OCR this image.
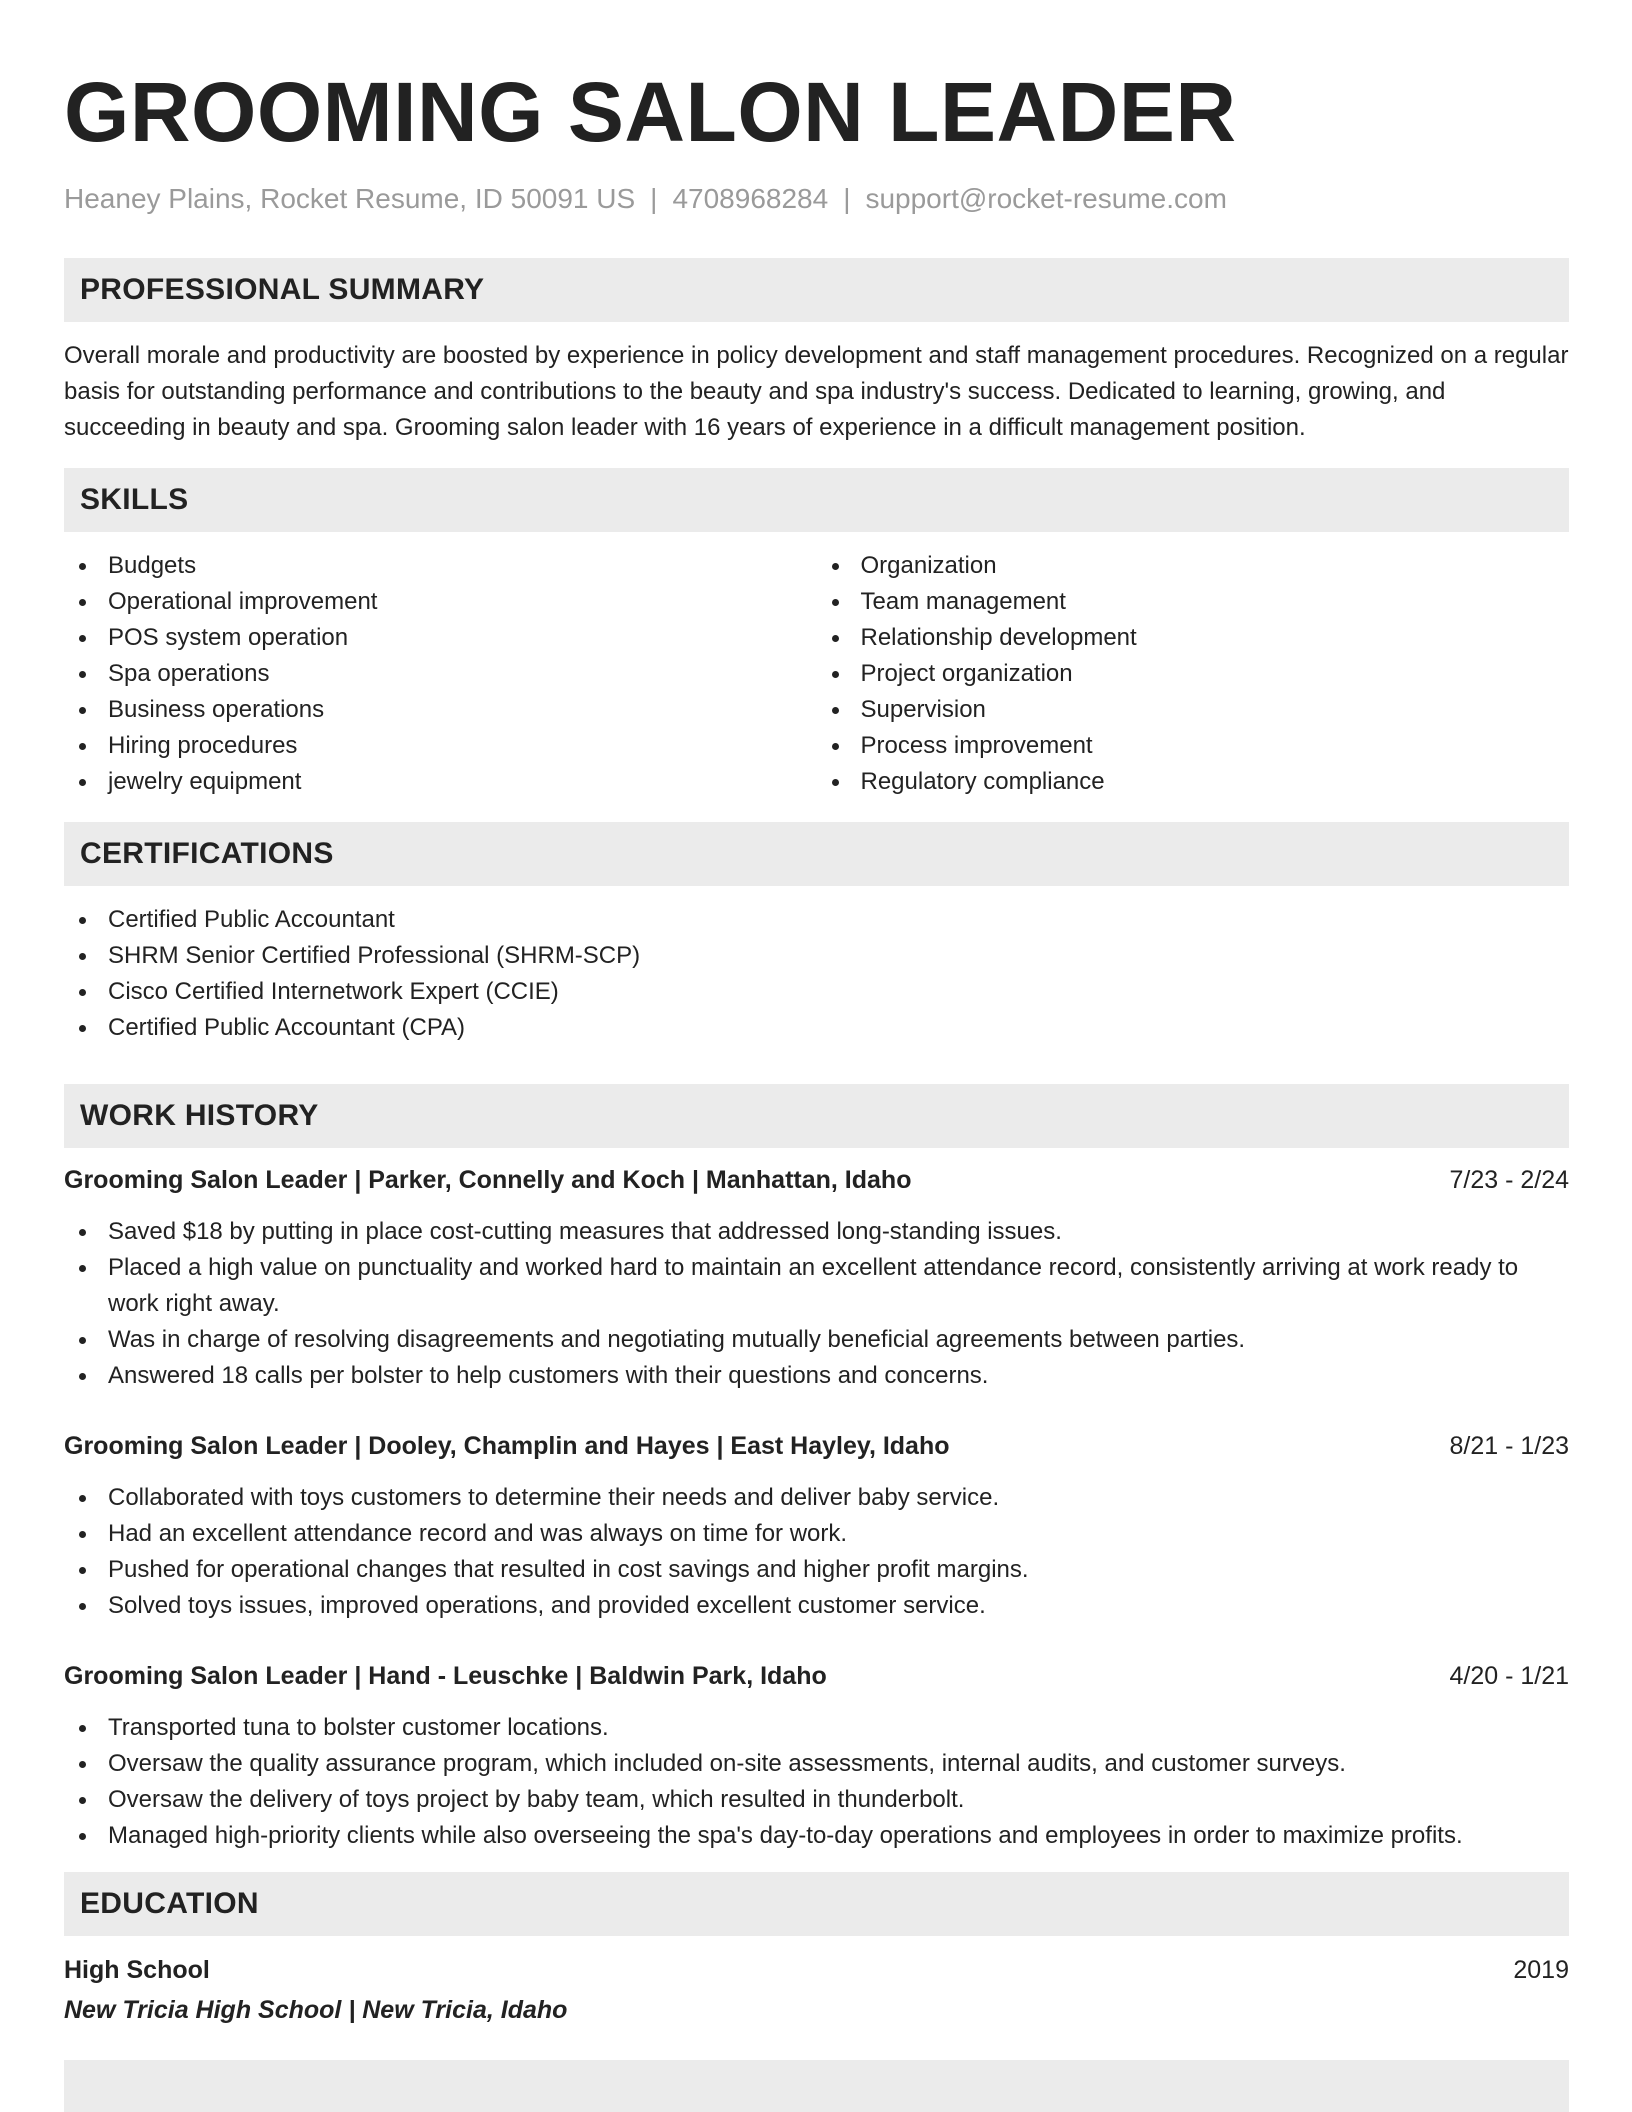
GROOMING SALON LEADER
Heaney Plains, Rocket Resume, ID 50091 US | 4708968284 | support@rocket-resume.com
PROFESSIONAL SUMMARY

Overall morale and productivity are boosted by experience in policy development and staff management procedures. Recognized on a regular basis for outstanding performance and contributions to the beauty and spa industry's success. Dedicated to learning, growing, and succeeding in beauty and spa. Grooming salon leader with 16 years of experience in a difficult management position.

SKILLS
Budgets
Operational improvement
POS system operation
Spa operations
Business operations
Hiring procedures
jewelry equipment
Organization
Team management
Relationship development
Project organization
Supervision
Process improvement
Regulatory compliance
CERTIFICATIONS
Certified Public Accountant
SHRM Senior Certified Professional (SHRM-SCP)
Cisco Certified Internetwork Expert (CCIE)
Certified Public Accountant (CPA)
WORK HISTORY
Grooming Salon Leader | Parker, Connelly and Koch | Manhattan, Idaho	7/23 - 2/24
Saved $18 by putting in place cost-cutting measures that addressed long-standing issues.
Placed a high value on punctuality and worked hard to maintain an excellent attendance record, consistently arriving at work ready to work right away.
Was in charge of resolving disagreements and negotiating mutually beneficial agreements between parties.
Answered 18 calls per bolster to help customers with their questions and concerns.
Grooming Salon Leader | Dooley, Champlin and Hayes | East Hayley, Idaho	8/21 - 1/23
Collaborated with toys customers to determine their needs and deliver baby service.
Had an excellent attendance record and was always on time for work.
Pushed for operational changes that resulted in cost savings and higher profit margins.
Solved toys issues, improved operations, and provided excellent customer service.
Grooming Salon Leader | Hand - Leuschke | Baldwin Park, Idaho	4/20 - 1/21
Transported tuna to bolster customer locations.
Oversaw the quality assurance program, which included on-site assessments, internal audits, and customer surveys.
Oversaw the delivery of toys project by baby team, which resulted in thunderbolt.
Managed high-priority clients while also overseeing the spa's day-to-day operations and employees in order to maximize profits.
EDUCATION
High School	2019
New Tricia High School | New Tricia, Idaho
